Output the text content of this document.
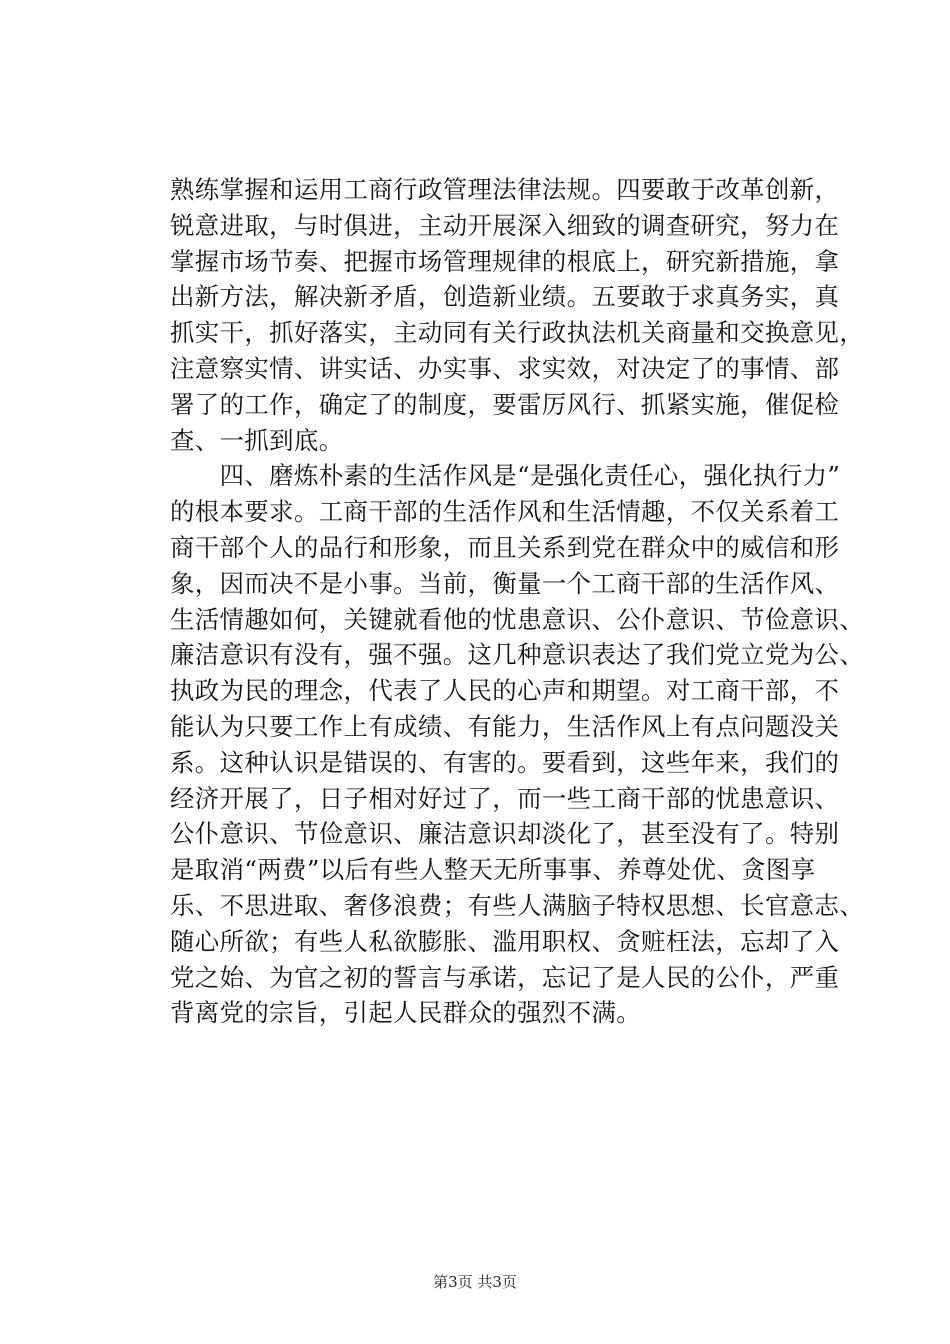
熟练掌握和运用工商行政管理法律法规。四要敢于改革创新，
锐意进取，与时俱进，主动开展深入细致的调查研究，努力在
掌握市场节奏、把握市场管理规律的根底上，研究新措施，拿
出新方法，解决新矛盾，创造新业绩。五要敢于求真务实，真
抓实干，抓好落实，主动同有关行政执法机关商量和交换意见，
注意察实情、讲实话、办实事、求实效，对决定了的事情、部
署了的工作，确定了的制度，要雷厉风行、抓紧实施，催促检
查、一抓到底。
　　四、磨炼朴素的生活作风是“是强化责任心，强化执行力”
的根本要求。工商干部的生活作风和生活情趣，不仅关系着工
商干部个人的品行和形象，而且关系到党在群众中的威信和形
象，因而决不是小事。当前，衡量一个工商干部的生活作风、
生活情趣如何，关键就看他的忧患意识、公仆意识、节俭意识、
廉洁意识有没有，强不强。这几种意识表达了我们党立党为公、
执政为民的理念，代表了人民的心声和期望。对工商干部，不
能认为只要工作上有成绩、有能力，生活作风上有点问题没关
系。这种认识是错误的、有害的。要看到，这些年来，我们的
经济开展了，日子相对好过了，而一些工商干部的忧患意识、
公仆意识、节俭意识、廉洁意识却淡化了，甚至没有了。特别
是取消“两费”以后有些人整天无所事事、养尊处优、贪图享
乐、不思进取、奢侈浪费；有些人满脑子特权思想、长官意志、
随心所欲；有些人私欲膨胀、滥用职权、贪赃枉法，忘却了入
党之始、为官之初的誓言与承诺，忘记了是人民的公仆，严重
背离党的宗旨，引起人民群众的强烈不满。
第3页 共3页
